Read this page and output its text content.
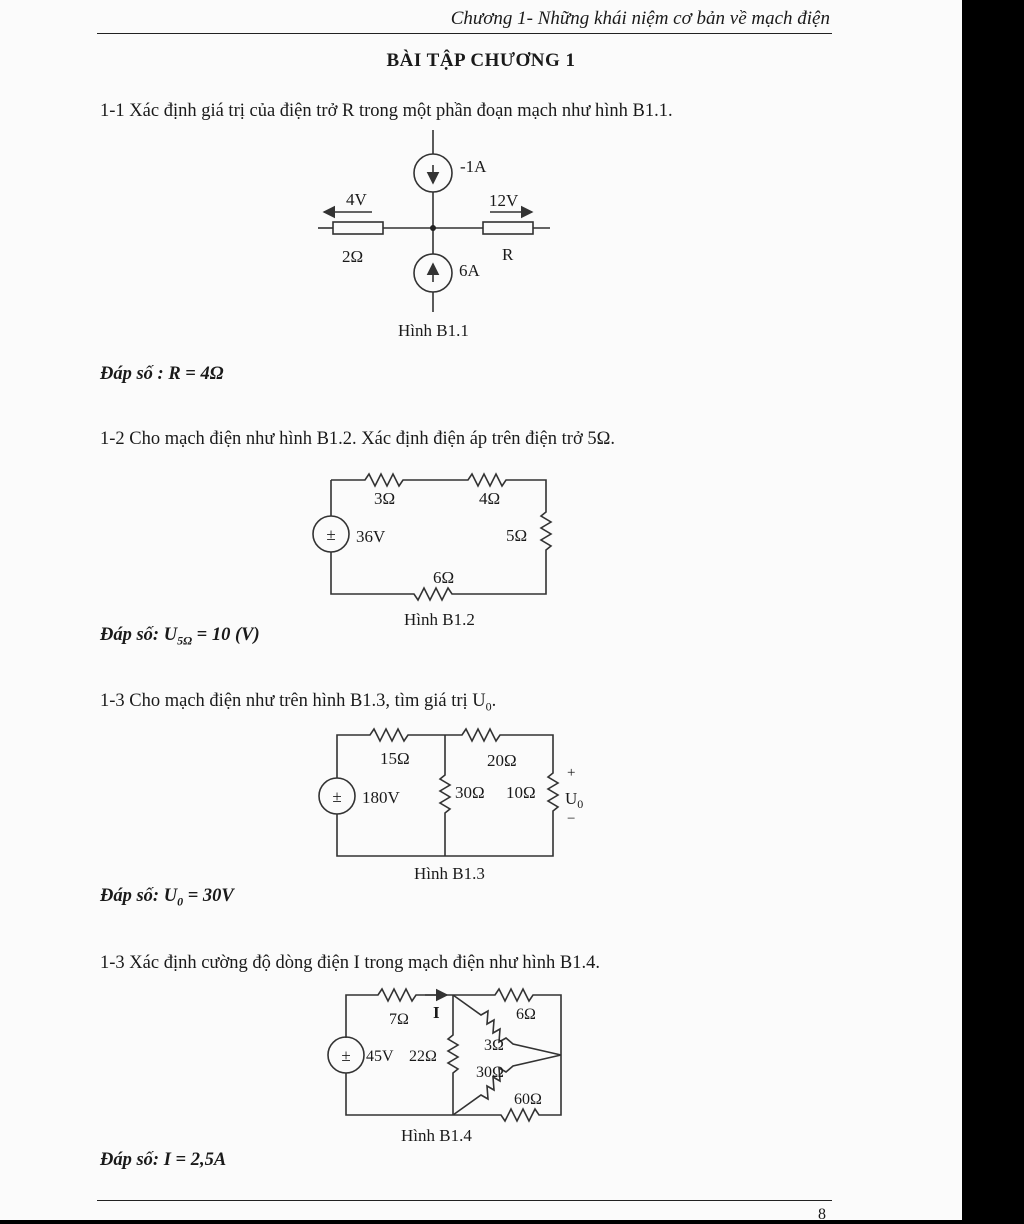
Chương 1- Những khái niệm cơ bản về mạch điện
BÀI TẬP CHƯƠNG 1
1-1 Xác định giá trị của điện trở R trong một phần đoạn mạch như hình B1.1.
Đáp số : R = 4Ω
1-2 Cho mạch điện như hình B1.2. Xác định điện áp trên điện trở 5Ω.
Đáp số: $U_{5\Omega} = 10$ (V)
1-3 Cho mạch điện như trên hình B1.3, tìm giá trị $U_0$.
Đáp số: $U_0 = 30V$
1-3 Xác định cường độ dòng điện I trong mạch điện như hình B1.4.
Đáp số: I = 2,5A
8
-1A
6A
4V	12V
2Ω	R
Hình B1.1
±
3Ω	4Ω
5Ω
6Ω
36V
Hình B1.2
±
15Ω	20Ω
30Ω 10Ω
180V
+
$U_0$
−
Hình B1.3
±
7Ω I	6Ω
3Ω
22Ω
30Ω
60Ω
45V
Hình B1.4
